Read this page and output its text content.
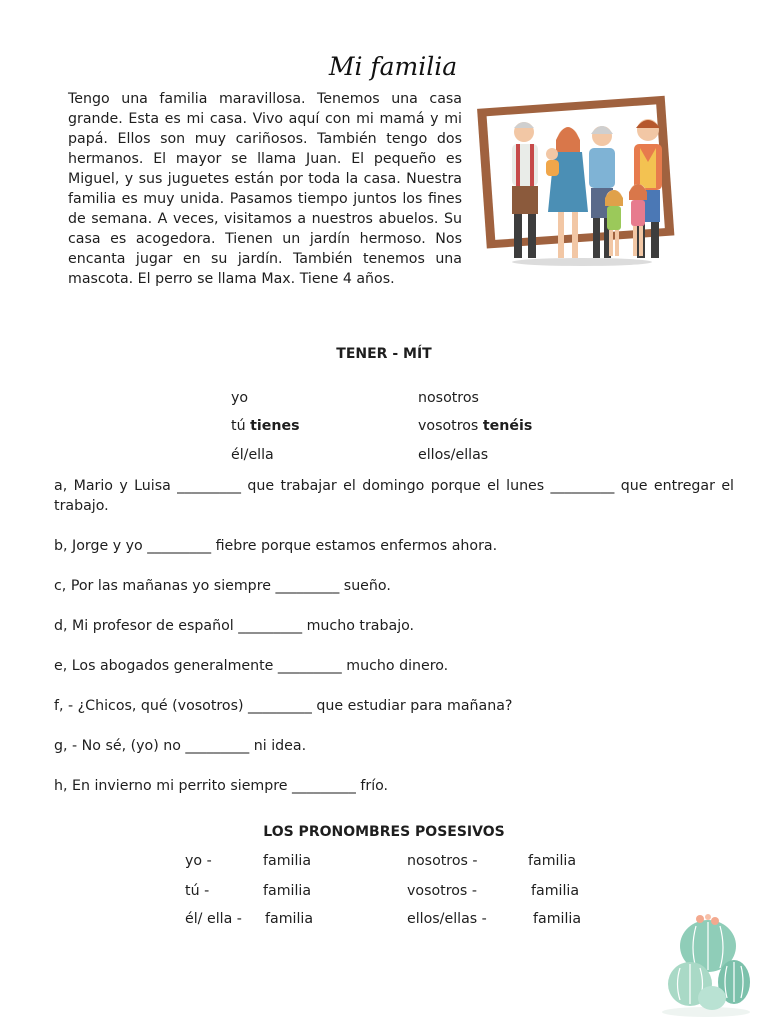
Mi familia

Tengo una familia maravillosa. Tenemos una casa grande. Esta es mi casa. Vivo aquí con mi mamá y mi papá. Ellos son muy cariñosos. También tengo dos hermanos. El mayor se llama Juan. El pequeño es Miguel, y sus juguetes están por toda la casa. Nuestra familia es muy unida. Pasamos tiempo juntos los fines de semana. A veces, visitamos a nuestros abuelos. Su casa es acogedora. Tienen un jardín hermoso. Nos encanta jugar en su jardín. También tenemos una mascota. El perro se llama Max. Tiene 4 años.

TENER - MÍT
yo	nosotros
tú tienes	vosotros tenéis
él/ella	ellos/ellas

a, Mario y Luisa _________ que trabajar el domingo porque el lunes _________ que entregar el trabajo.

b, Jorge y yo _________ fiebre porque estamos enfermos ahora.

c, Por las mañanas yo siempre _________ sueño.

d, Mi profesor de español _________ mucho trabajo.

e, Los abogados generalmente _________ mucho dinero.

f, - ¿Chicos, qué (vosotros) _________ que estudiar para mañana?

g, - No sé, (yo) no _________ ni idea.

h, En invierno mi perrito siempre _________ frío.

LOS PRONOMBRES POSESIVOS
yo -	familia	nosotros -	familia
tú -	familia	vosotros -	familia
él/ ella - familia	ellos/ellas -	familia
